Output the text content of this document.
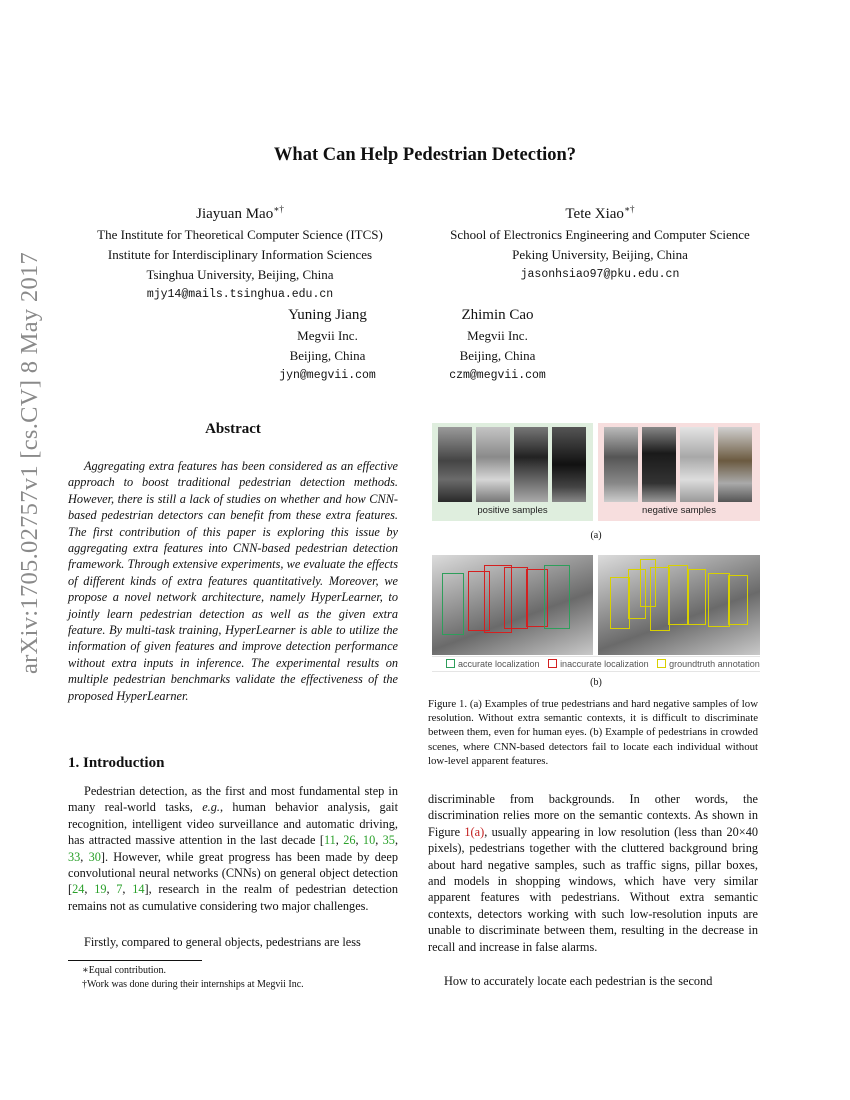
arXiv:1705.02757v1 [cs.CV] 8 May 2017
What Can Help Pedestrian Detection?
Jiayuan Mao∗†
The Institute for Theoretical Computer Science (ITCS)
Institute for Interdisciplinary Information Sciences
Tsinghua University, Beijing, China
mjy14@mails.tsinghua.edu.cn
Tete Xiao∗†
School of Electronics Engineering and Computer Science
Peking University, Beijing, China
jasonhsiao97@pku.edu.cn
Yuning Jiang
Megvii Inc.
Beijing, China
jyn@megvii.com
Zhimin Cao
Megvii Inc.
Beijing, China
czm@megvii.com
Abstract
Aggregating extra features has been considered as an effective approach to boost traditional pedestrian detection methods. However, there is still a lack of studies on whether and how CNN-based pedestrian detectors can benefit from these extra features. The first contribution of this paper is exploring this issue by aggregating extra features into CNN-based pedestrian detection framework. Through extensive experiments, we evaluate the effects of different kinds of extra features quantitatively. Moreover, we propose a novel network architecture, namely HyperLearner, to jointly learn pedestrian detection as well as the given extra feature. By multi-task training, HyperLearner is able to utilize the information of given features and improve detection performance without extra inputs in inference. The experimental results on multiple pedestrian benchmarks validate the effectiveness of the proposed HyperLearner.
1. Introduction
Pedestrian detection, as the first and most fundamental step in many real-world tasks, e.g., human behavior analysis, gait recognition, intelligent video surveillance and automatic driving, has attracted massive attention in the last decade [11, 26, 10, 35, 33, 30]. However, while great progress has been made by deep convolutional neural networks (CNNs) on general object detection [24, 19, 7, 14], research in the realm of pedestrian detection remains not as cumulative considering two major challenges.
Firstly, compared to general objects, pedestrians are less
∗Equal contribution.
†Work was done during their internships at Megvii Inc.
positive samples	negative samples
(a)
accurate localization inaccurate localization groundtruth annotation
(b)
Figure 1. (a) Examples of true pedestrians and hard negative samples of low resolution. Without extra semantic contexts, it is difficult to discriminate between them, even for human eyes. (b) Example of pedestrians in crowded scenes, where CNN-based detectors fail to locate each individual without low-level apparent features.
discriminable from backgrounds. In other words, the discrimination relies more on the semantic contexts. As shown in Figure 1(a), usually appearing in low resolution (less than 20×40 pixels), pedestrians together with the cluttered background bring about hard negative samples, such as traffic signs, pillar boxes, and models in shopping windows, which have very similar apparent features with pedestrians. Without extra semantic contexts, detectors working with such low-resolution inputs are unable to discriminate between them, resulting in the decrease in recall and increase in false alarms.
How to accurately locate each pedestrian is the second
